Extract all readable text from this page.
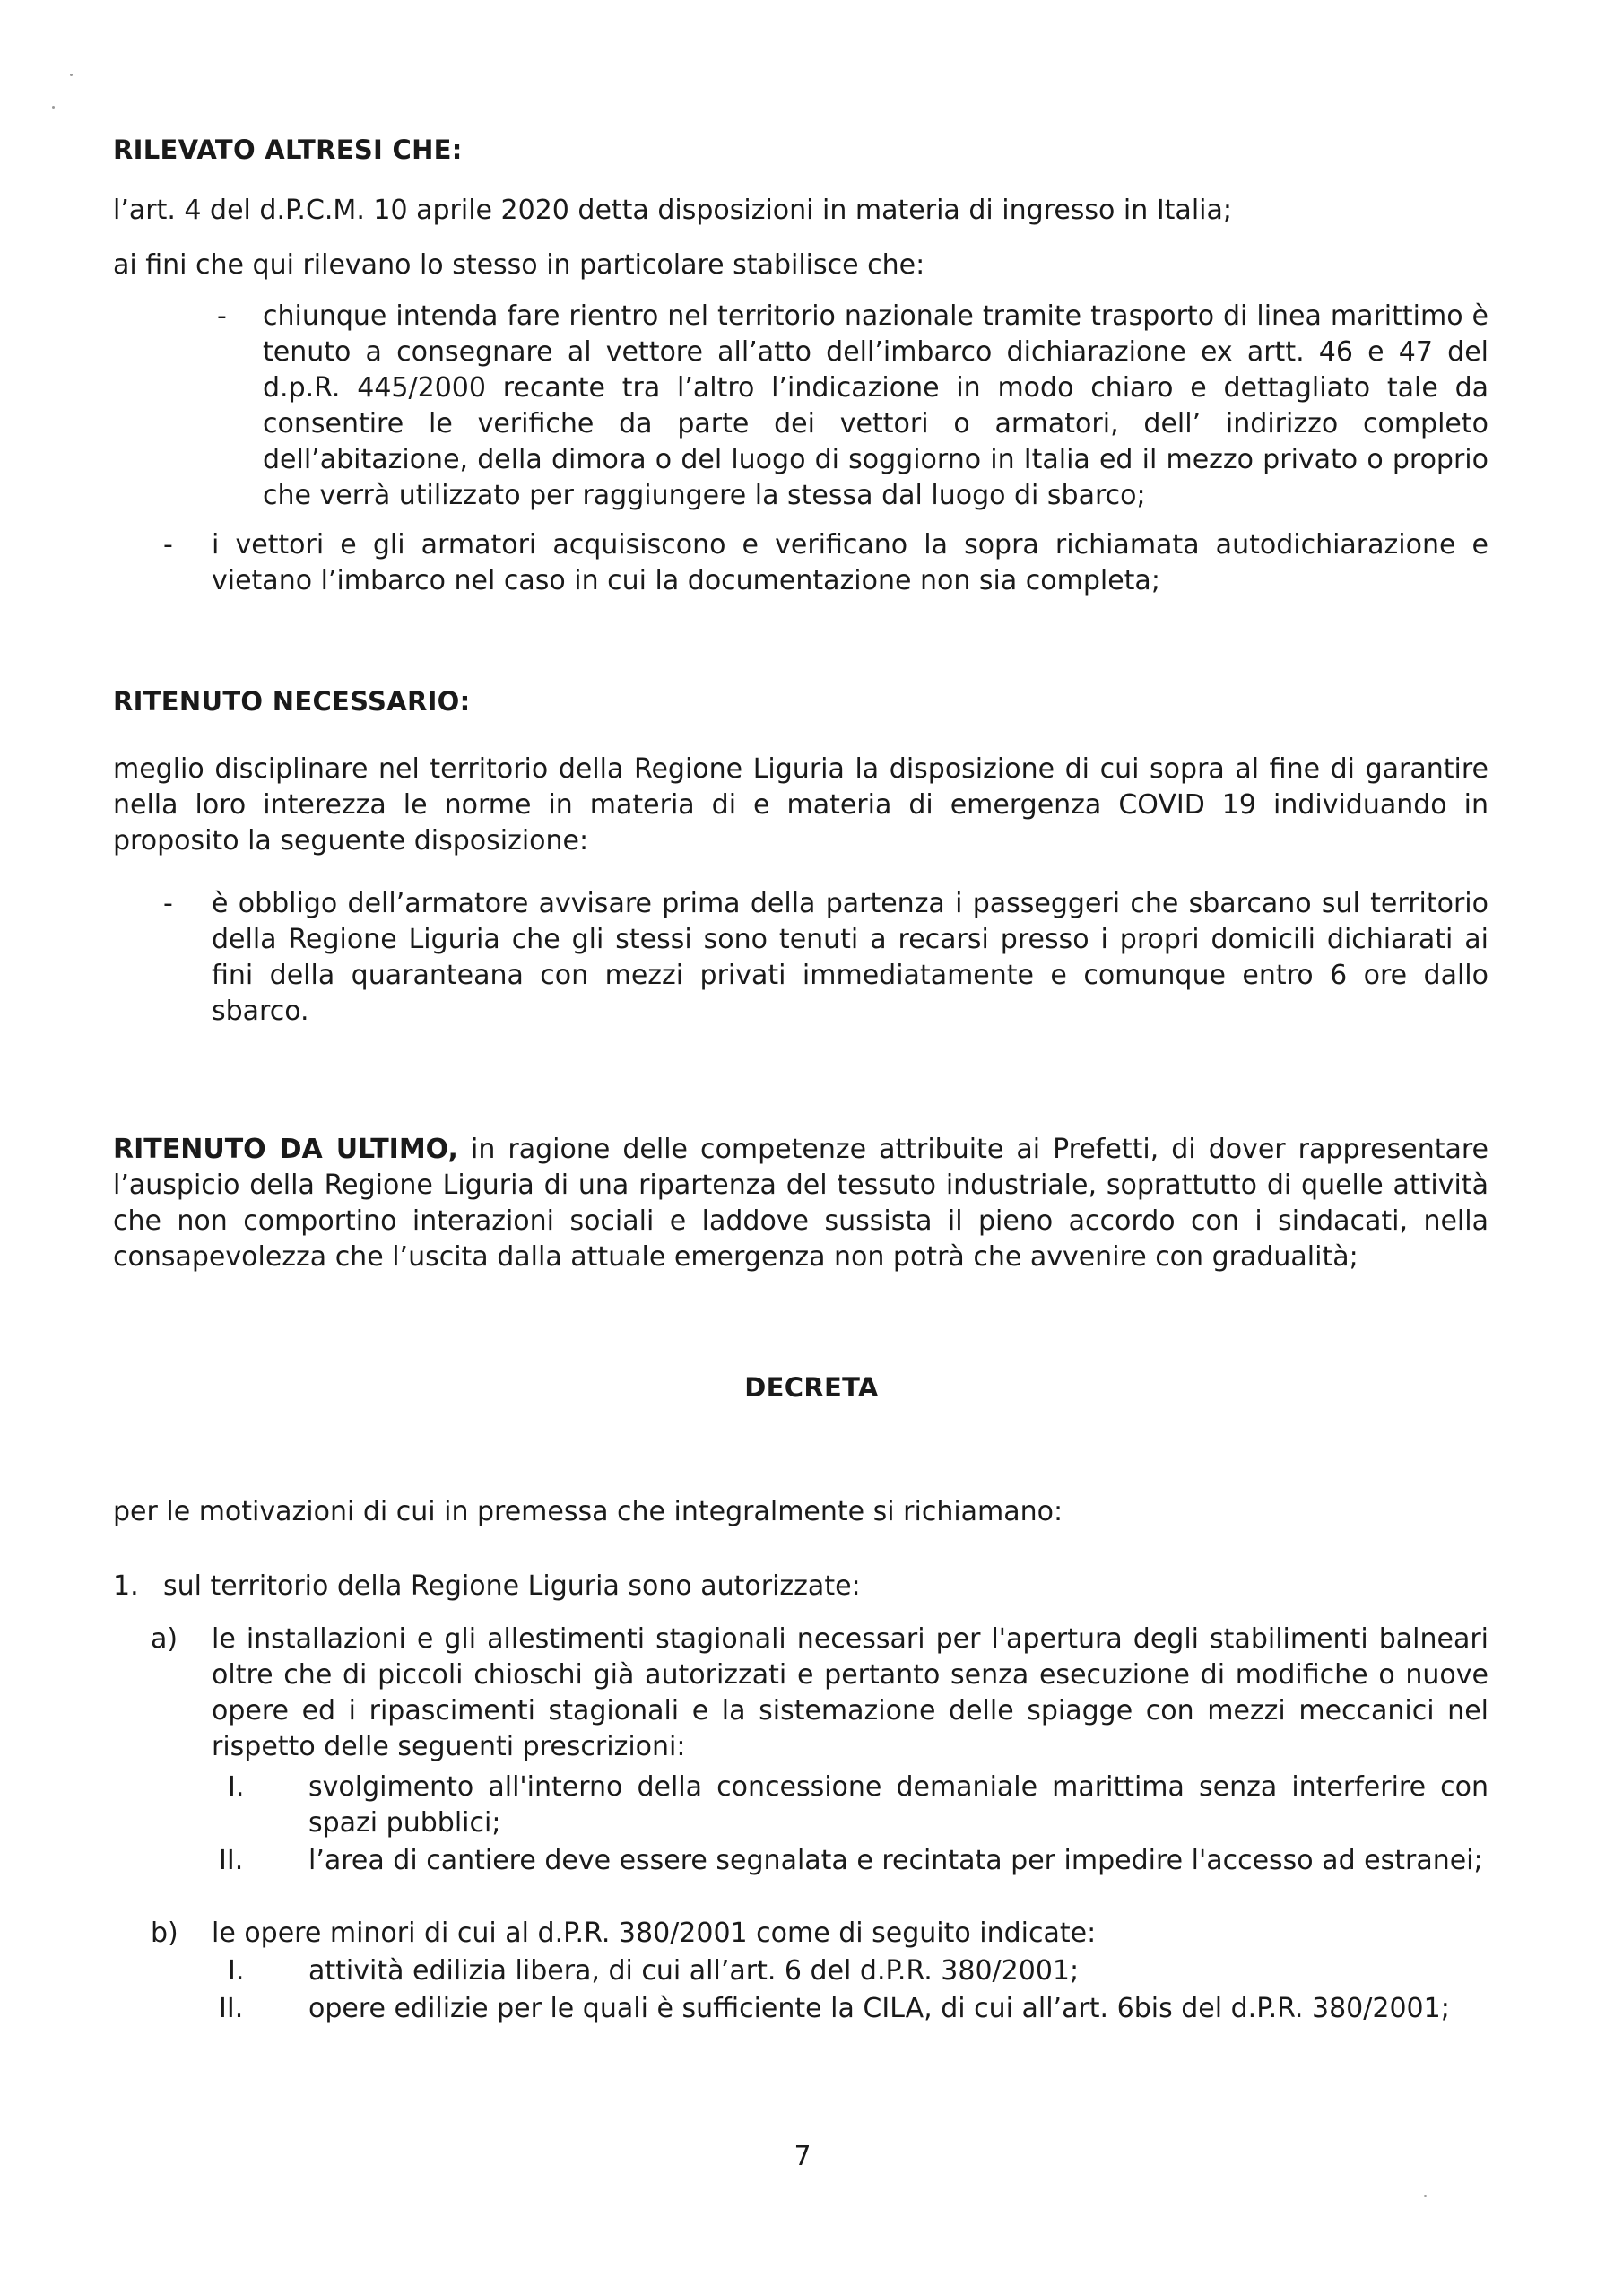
RILEVATO ALTRESI CHE:
l’art. 4 del d.P.C.M. 10 aprile 2020 detta disposizioni in materia di ingresso in Italia;
ai fini che qui rilevano lo stesso in particolare stabilisce che:
- chiunque intenda fare rientro nel territorio nazionale tramite trasporto di linea marittimo è tenuto a consegnare al vettore all’atto dell’imbarco dichiarazione ex artt. 46 e 47 del d.p.R. 445/2000 recante tra l’altro l’indicazione in modo chiaro e dettagliato tale da consentire le verifiche da parte dei vettori o armatori, dell’ indirizzo completo dell’abitazione, della dimora o del luogo di soggiorno in Italia ed il mezzo privato o proprio che verrà utilizzato per raggiungere la stessa dal luogo di sbarco;
- i vettori e gli armatori acquisiscono e verificano la sopra richiamata autodichiarazione e vietano l’imbarco nel caso in cui la documentazione non sia completa;
RITENUTO NECESSARIO:
meglio disciplinare nel territorio della Regione Liguria la disposizione di cui sopra al fine di garantire nella loro interezza le norme in materia di e materia di emergenza COVID 19 individuando in proposito la seguente disposizione:
- è obbligo dell’armatore avvisare prima della partenza i passeggeri che sbarcano sul territorio della Regione Liguria che gli stessi sono tenuti a recarsi presso i propri domicili dichiarati ai fini della quaranteana con mezzi privati immediatamente e comunque entro 6 ore dallo sbarco.

RITENUTO DA ULTIMO, in ragione delle competenze attribuite ai Prefetti, di dover rappresentare l’auspicio della Regione Liguria di una ripartenza del tessuto industriale, soprattutto di quelle attività che non comportino interazioni sociali e laddove sussista il pieno accordo con i sindacati, nella consapevolezza che l’uscita dalla attuale emergenza non potrà che avvenire con gradualità;

DECRETA
per le motivazioni di cui in premessa che integralmente si richiamano:
1. sul territorio della Regione Liguria sono autorizzate:
a) le installazioni e gli allestimenti stagionali necessari per l'apertura degli stabilimenti balneari oltre che di piccoli chioschi già autorizzati e pertanto senza esecuzione di modifiche o nuove opere ed i ripascimenti stagionali e la sistemazione delle spiagge con mezzi meccanici nel rispetto delle seguenti prescrizioni:
I. svolgimento all'interno della concessione demaniale marittima senza interferire con spazi pubblici;
II. l’area di cantiere deve essere segnalata e recintata per impedire l'accesso ad estranei;
b) le opere minori di cui al d.P.R. 380/2001 come di seguito indicate:
I. attività edilizia libera, di cui all’art. 6 del d.P.R. 380/2001;
II. opere edilizie per le quali è sufficiente la CILA, di cui all’art. 6bis del d.P.R. 380/2001;
7
